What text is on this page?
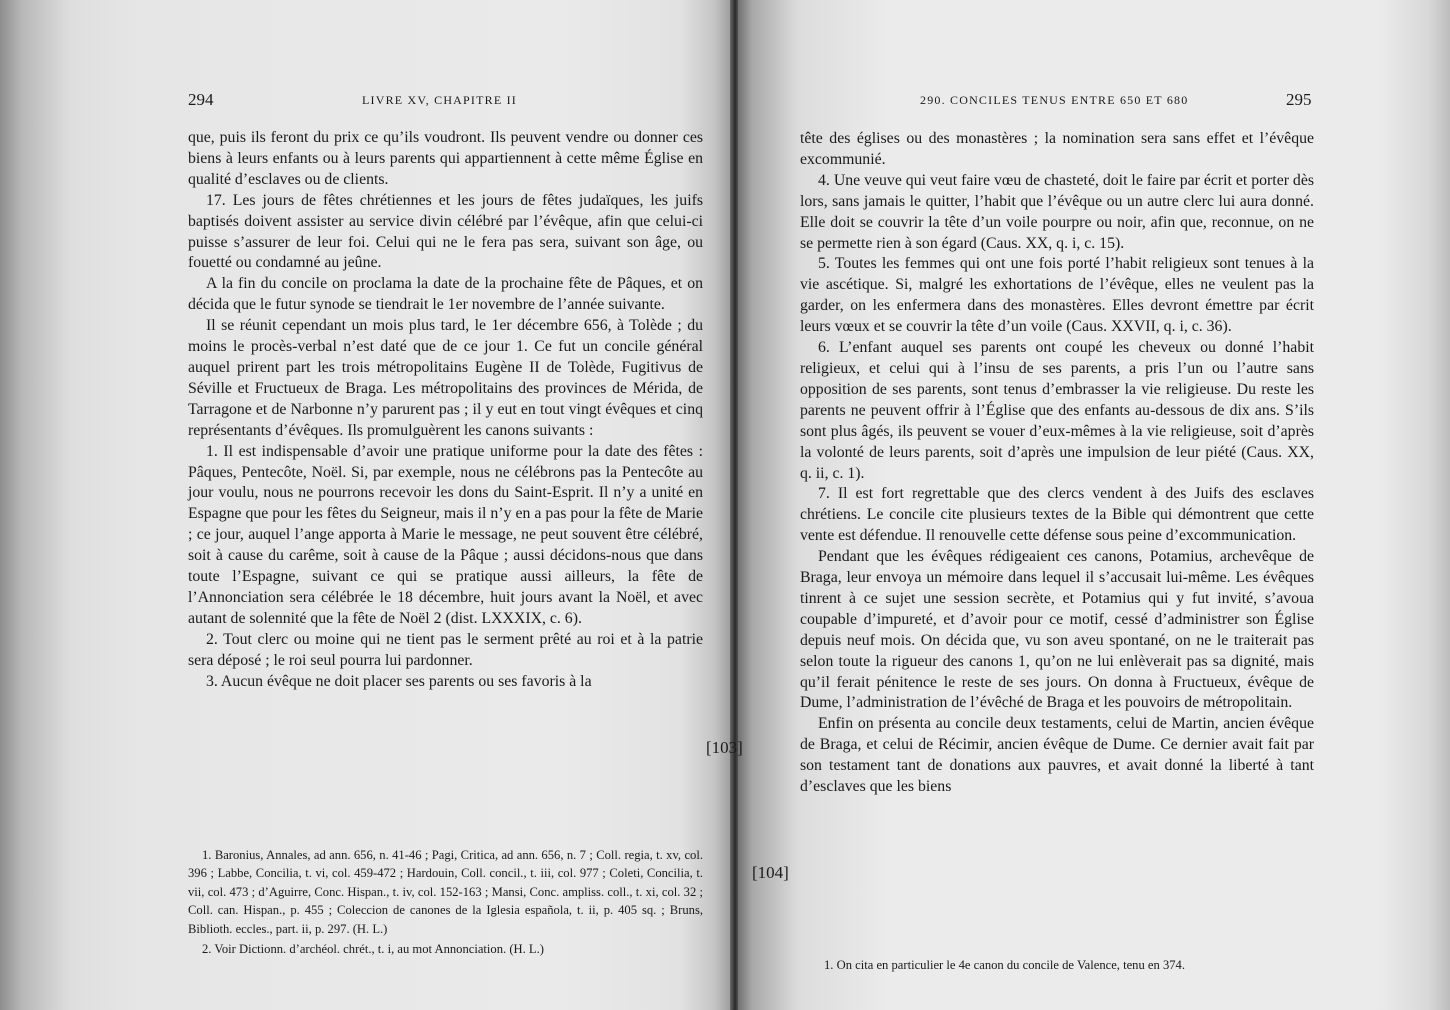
294	LIVRE XV, CHAPITRE II

que, puis ils feront du prix ce qu’ils voudront. Ils peuvent vendre ou donner ces biens à leurs enfants ou à leurs parents qui appartiennent à cette même Église en qualité d’esclaves ou de clients.

17. Les jours de fêtes chrétiennes et les jours de fêtes judaïques, les juifs baptisés doivent assister au service divin célébré par l’évêque, afin que celui-ci puisse s’assurer de leur foi. Celui qui ne le fera pas sera, suivant son âge, ou fouetté ou condamné au jeûne.

A la fin du concile on proclama la date de la prochaine fête de Pâques, et on décida que le futur synode se tiendrait le 1er novembre de l’année suivante.

Il se réunit cependant un mois plus tard, le 1er décembre 656, à Tolède ; du moins le procès-verbal n’est daté que de ce jour 1. Ce fut un concile général auquel prirent part les trois métropolitains Eugène II de Tolède, Fugitivus de Séville et Fructueux de Braga. Les métropolitains des provinces de Mérida, de Tarragone et de Narbonne n’y parurent pas ; il y eut en tout vingt évêques et cinq représentants d’évêques. Ils promulguèrent les canons suivants :

1. Il est indispensable d’avoir une pratique uniforme pour la date des fêtes : Pâques, Pentecôte, Noël. Si, par exemple, nous ne célébrons pas la Pentecôte au jour voulu, nous ne pourrons recevoir les dons du Saint-Esprit. Il n’y a unité en Espagne que pour les fêtes du Seigneur, mais il n’y en a pas pour la fête de Marie ; ce jour, auquel l’ange apporta à Marie le message, ne peut souvent être célébré, soit à cause du carême, soit à cause de la Pâque ; aussi décidons-nous que dans toute l’Espagne, suivant ce qui se pratique aussi ailleurs, la fête de l’Annonciation sera célébrée le 18 décembre, huit jours avant la Noël, et avec autant de solennité que la fête de Noël 2 (dist. LXXXIX, c. 6).

2. Tout clerc ou moine qui ne tient pas le serment prêté au roi et à la patrie sera déposé ; le roi seul pourra lui pardonner.

3. Aucun évêque ne doit placer ses parents ou ses favoris à la

1. Baronius, Annales, ad ann. 656, n. 41-46 ; Pagi, Critica, ad ann. 656, n. 7 ; Coll. regia, t. xv, col. 396 ; Labbe, Concilia, t. vi, col. 459-472 ; Hardouin, Coll. concil., t. iii, col. 977 ; Coleti, Concilia, t. vii, col. 473 ; d’Aguirre, Conc. Hispan., t. iv, col. 152-163 ; Mansi, Conc. ampliss. coll., t. xi, col. 32 ; Coll. can. Hispan., p. 455 ; Coleccion de canones de la Iglesia española, t. ii, p. 405 sq. ; Bruns, Biblioth. eccles., part. ii, p. 297. (H. L.)

2. Voir Dictionn. d’archéol. chrét., t. i, au mot Annonciation. (H. L.)

290. CONCILES TENUS ENTRE 650 ET 680	295

tête des églises ou des monastères ; la nomination sera sans effet et l’évêque excommunié.

4. Une veuve qui veut faire vœu de chasteté, doit le faire par écrit et porter dès lors, sans jamais le quitter, l’habit que l’évêque ou un autre clerc lui aura donné. Elle doit se couvrir la tête d’un voile pourpre ou noir, afin que, reconnue, on ne se permette rien à son égard (Caus. XX, q. i, c. 15).

5. Toutes les femmes qui ont une fois porté l’habit religieux sont tenues à la vie ascétique. Si, malgré les exhortations de l’évêque, elles ne veulent pas la garder, on les enfermera dans des monastères. Elles devront émettre par écrit leurs vœux et se couvrir la tête d’un voile (Caus. XXVII, q. i, c. 36).

6. L’enfant auquel ses parents ont coupé les cheveux ou donné l’habit religieux, et celui qui à l’insu de ses parents, a pris l’un ou l’autre sans opposition de ses parents, sont tenus d’embrasser la vie religieuse. Du reste les parents ne peuvent offrir à l’Église que des enfants au-dessous de dix ans. S’ils sont plus âgés, ils peuvent se vouer d’eux-mêmes à la vie religieuse, soit d’après la volonté de leurs parents, soit d’après une impulsion de leur piété (Caus. XX, q. ii, c. 1).

7. Il est fort regrettable que des clercs vendent à des Juifs des esclaves chrétiens. Le concile cite plusieurs textes de la Bible qui démontrent que cette vente est défendue. Il renouvelle cette défense sous peine d’excommunication.

Pendant que les évêques rédigeaient ces canons, Potamius, archevêque de Braga, leur envoya un mémoire dans lequel il s’accusait lui-même. Les évêques tinrent à ce sujet une session secrète, et Potamius qui y fut invité, s’avoua coupable d’impureté, et d’avoir pour ce motif, cessé d’administrer son Église depuis neuf mois. On décida que, vu son aveu spontané, on ne le traiterait pas selon toute la rigueur des canons 1, qu’on ne lui enlèverait pas sa dignité, mais qu’il ferait pénitence le reste de ses jours. On donna à Fructueux, évêque de Dume, l’administration de l’évêché de Braga et les pouvoirs de métropolitain.

Enfin on présenta au concile deux testaments, celui de Martin, ancien évêque de Braga, et celui de Récimir, ancien évêque de Dume. Ce dernier avait fait par son testament tant de donations aux pauvres, et avait donné la liberté à tant d’esclaves que les biens

1. On cita en particulier le 4e canon du concile de Valence, tenu en 374.

[103]
[104]
